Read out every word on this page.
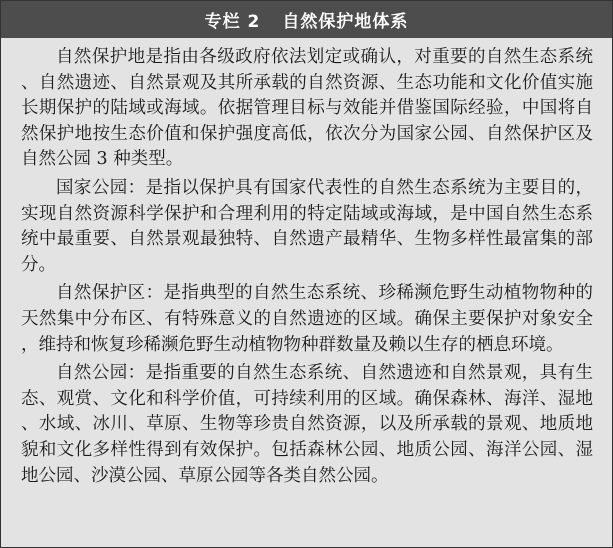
专栏 2 自然保护地体系

自然保护地是指由各级政府依法划定或确认，对重要的自然生态系统、自然遗迹、自然景观及其所承载的自然资源、生态功能和文化价值实施长期保护的陆域或海域。依据管理目标与效能并借鉴国际经验，中国将自然保护地按生态价值和保护强度高低，依次分为国家公园、自然保护区及自然公园 3 种类型。

国家公园：是指以保护具有国家代表性的自然生态系统为主要目的，实现自然资源科学保护和合理利用的特定陆域或海域，是中国自然生态系统中最重要、自然景观最独特、自然遗产最精华、生物多样性最富集的部分。

自然保护区：是指典型的自然生态系统、珍稀濒危野生动植物物种的天然集中分布区、有特殊意义的自然遗迹的区域。确保主要保护对象安全，维持和恢复珍稀濒危野生动植物物种群数量及赖以生存的栖息环境。

自然公园：是指重要的自然生态系统、自然遗迹和自然景观，具有生态、观赏、文化和科学价值，可持续利用的区域。确保森林、海洋、湿地、水域、冰川、草原、生物等珍贵自然资源，以及所承载的景观、地质地貌和文化多样性得到有效保护。包括森林公园、地质公园、海洋公园、湿地公园、沙漠公园、草原公园等各类自然公园。
